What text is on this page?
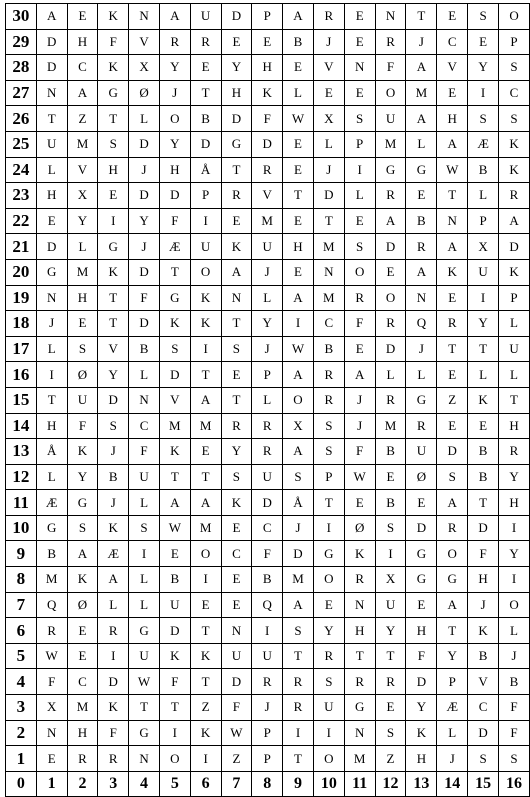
30	A	E	K	N	A	U	D	P	A	R	E	N	T	E	S	O
29	D	H	F	V	R	R	E	E	B	J	E	R	J	C	E	P
28	D	C	K	X	Y	E	Y	H	E	V	N	F	A	V	Y	S
27	N	A	G	Ø	J	T	H	K	L	E	E	O	M	E	I	C
26	T	Z	T	L	O	B	D	F	W	X	S	U	A	H	S	S
25	U	M	S	D	Y	D	G	D	E	L	P	M	L	A	Æ	K
24	L	V	H	J	H	Å	T	R	E	J	I	G	G	W	B	K
23	H	X	E	D	D	P	R	V	T	D	L	R	E	T	L	R
22	E	Y	I	Y	F	I	E	M	E	T	E	A	B	N	P	A
21	D	L	G	J	Æ	U	K	U	H	M	S	D	R	A	X	D
20	G	M	K	D	T	O	A	J	E	N	O	E	A	K	U	K
19	N	H	T	F	G	K	N	L	A	M	R	O	N	E	I	P
18	J	E	T	D	K	K	T	Y	I	C	F	R	Q	R	Y	L
17	L	S	V	B	S	I	S	J	W	B	E	D	J	T	T	U
16	I	Ø	Y	L	D	T	E	P	A	R	A	L	L	E	L	L
15	T	U	D	N	V	A	T	L	O	R	J	R	G	Z	K	T
14	H	F	S	C	M	M	R	R	X	S	J	M	R	E	E	H
13	Å	K	J	F	K	E	Y	R	A	S	F	B	U	D	B	R
12	L	Y	B	U	T	T	S	U	S	P	W	E	Ø	S	B	Y
11	Æ	G	J	L	A	A	K	D	Å	T	E	B	E	A	T	H
10	G	S	K	S	W	M	E	C	J	I	Ø	S	D	R	D	I
9	B	A	Æ	I	E	O	C	F	D	G	K	I	G	O	F	Y
8	M	K	A	L	B	I	E	B	M	O	R	X	G	G	H	I
7	Q	Ø	L	L	U	E	E	Q	A	E	N	U	E	A	J	O
6	R	E	R	G	D	T	N	I	S	Y	H	Y	H	T	K	L
5	W	E	I	U	K	K	U	U	T	R	T	T	F	Y	B	J
4	F	C	D	W	F	T	D	R	R	S	R	R	D	P	V	B
3	X	M	K	T	T	Z	F	J	R	U	G	E	Y	Æ	C	F
2	N	H	F	G	I	K	W	P	I	I	N	S	K	L	D	F
1	E	R	R	N	O	I	Z	P	T	O	M	Z	H	J	S	S
0	1	2	3	4	5	6	7	8	9	10	11	12	13	14	15	16
